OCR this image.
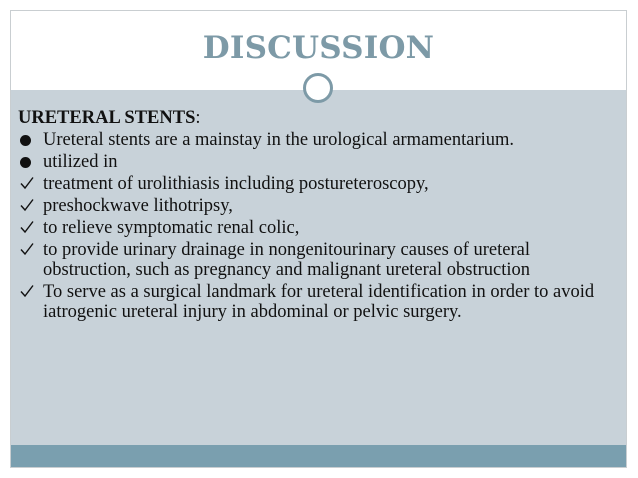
DISCUSSION
URETERAL STENTS:
Ureteral stents are a mainstay in the urological armamentarium.
utilized in
treatment of urolithiasis including postureteroscopy,
preshockwave lithotripsy,
to relieve symptomatic renal colic,
to provide urinary drainage in nongenitourinary causes of ureteral obstruction, such as pregnancy and malignant ureteral obstruction
To serve as a surgical landmark for ureteral identification in order to avoid iatrogenic ureteral injury in abdominal or pelvic surgery.
